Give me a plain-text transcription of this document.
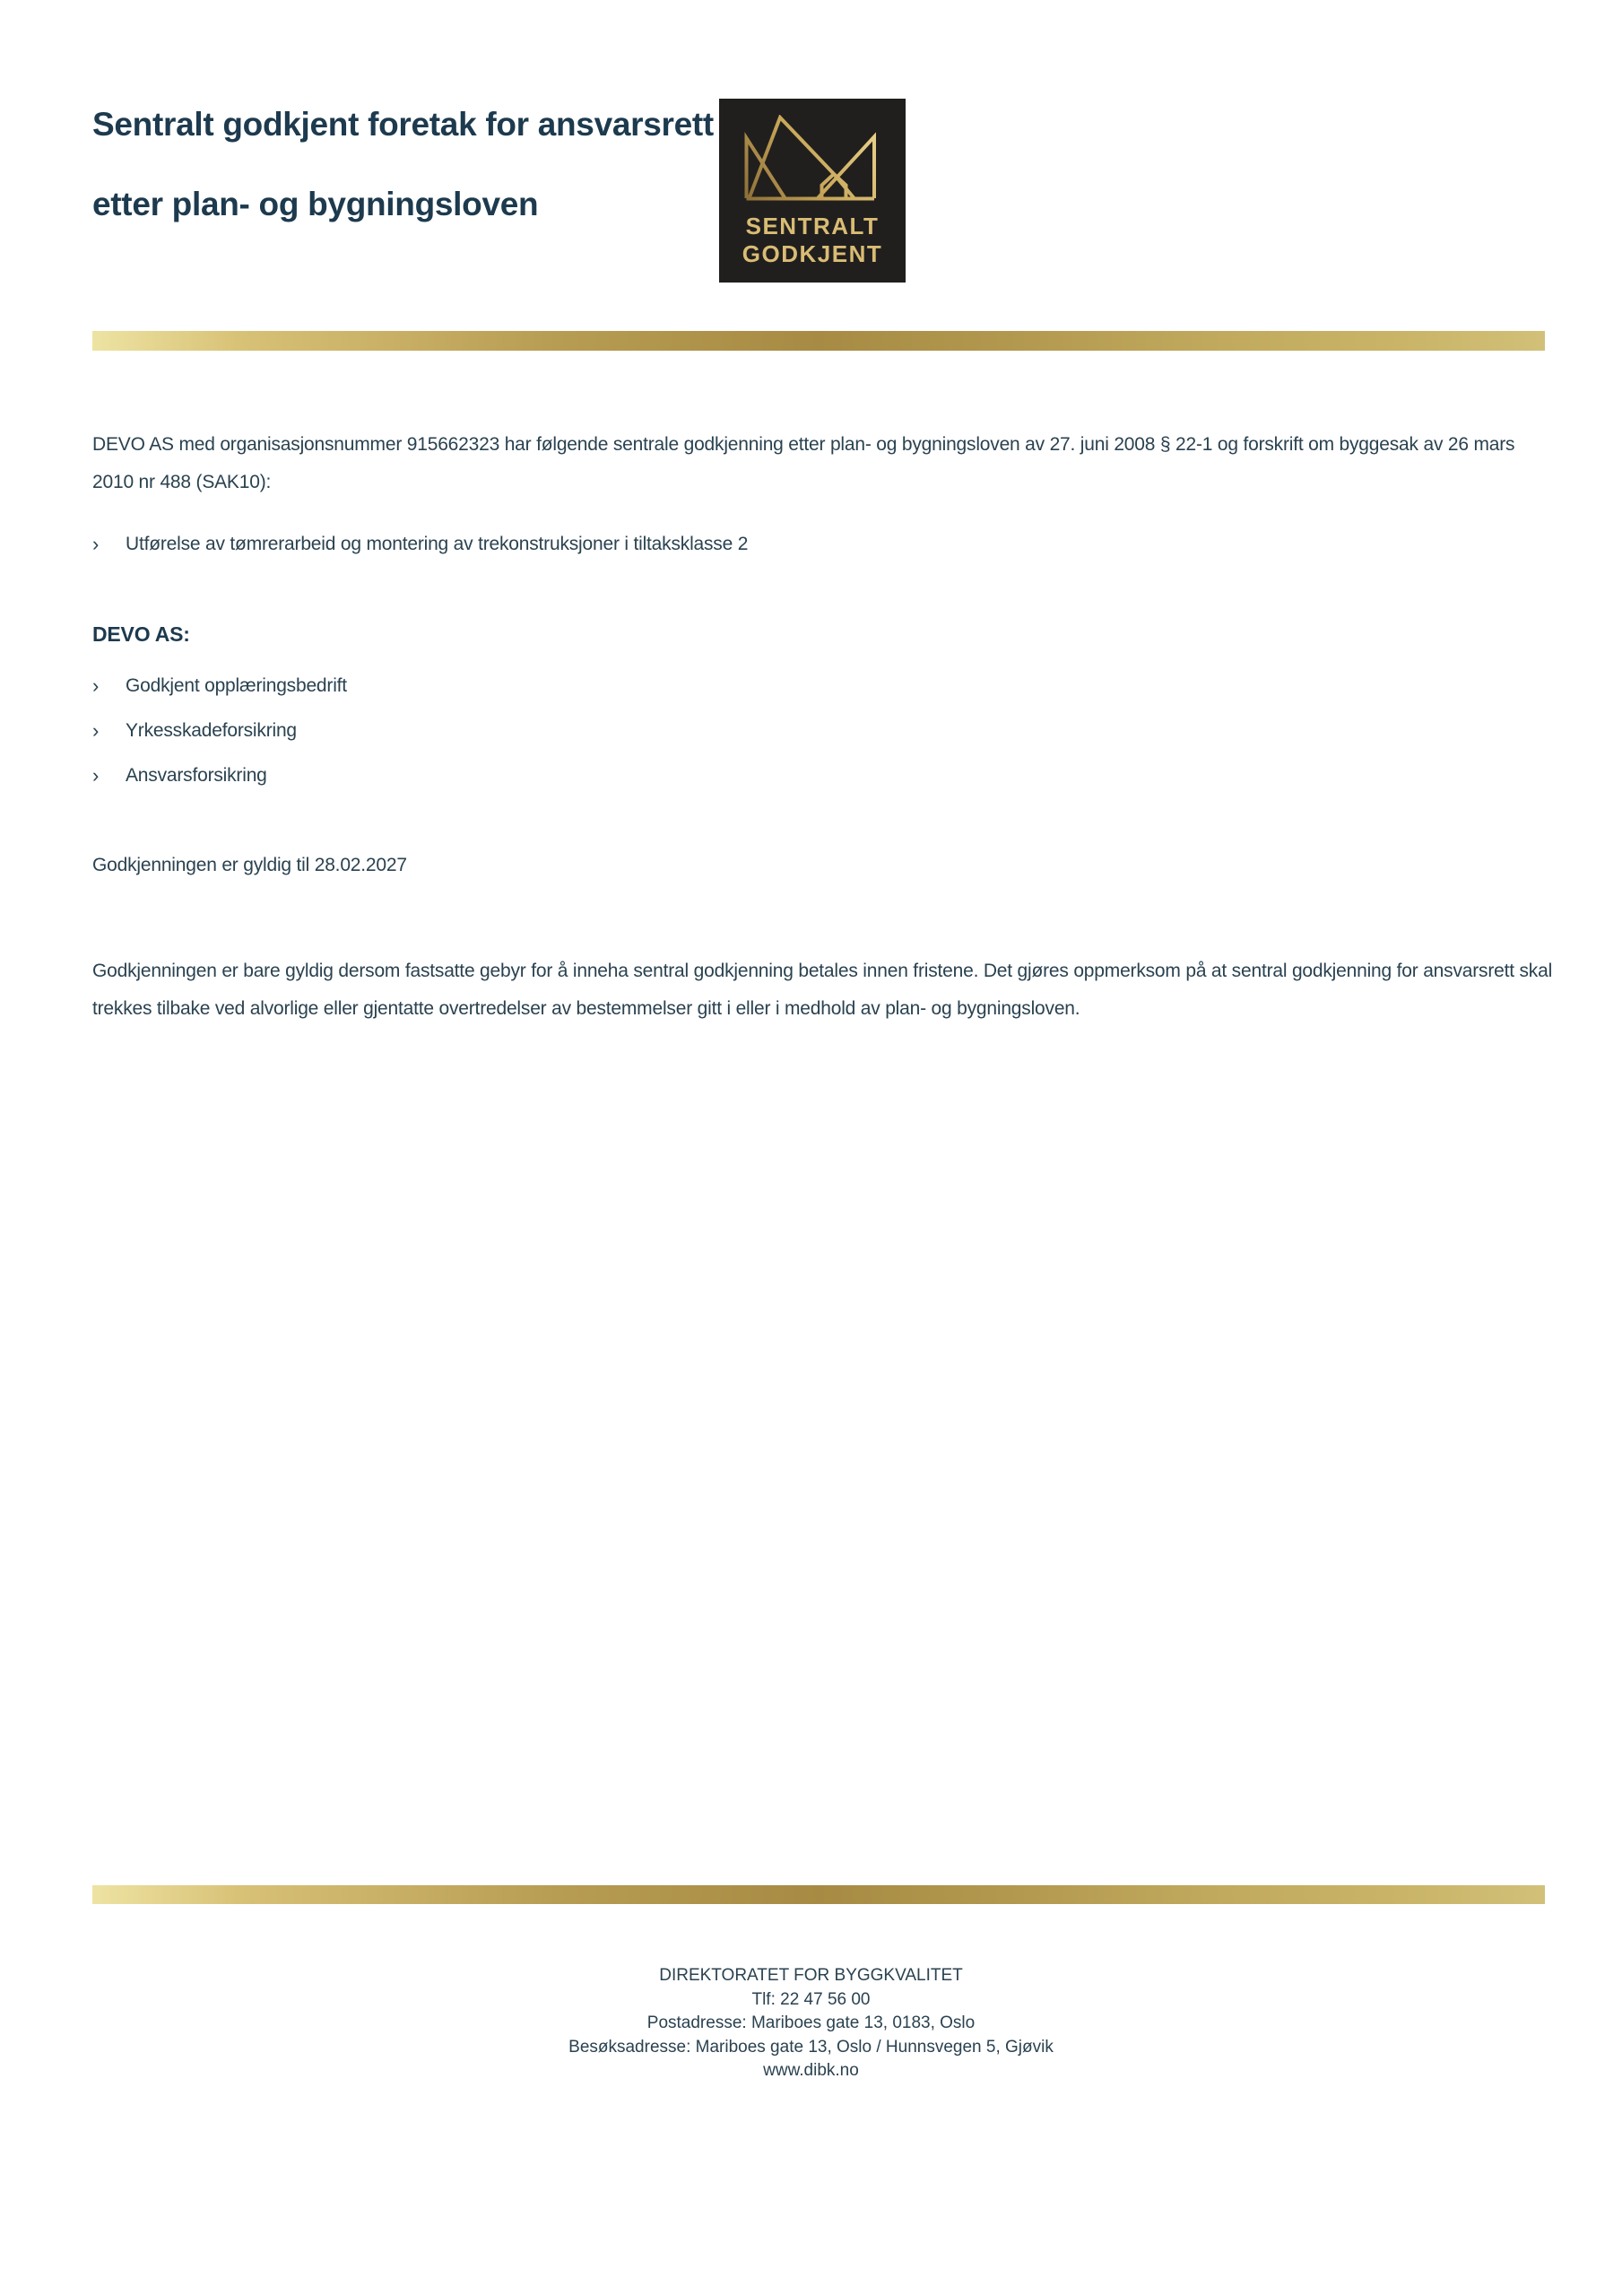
Sentralt godkjent foretak for ansvarsrett
etter plan- og bygningsloven
SENTRALT
GODKJENT

DEVO AS med organisasjonsnummer 915662323 har følgende sentrale godkjenning etter plan- og bygningsloven av 27. juni 2008 § 22-1 og forskrift om byggesak av 26 mars 2010 nr 488 (SAK10):

›	Utførelse av tømrerarbeid og montering av trekonstruksjoner i tiltaksklasse 2
DEVO AS:
›	Godkjent opplæringsbedrift
›	Yrkesskadeforsikring
›	Ansvarsforsikring
Godkjenningen er gyldig til 28.02.2027

Godkjenningen er bare gyldig dersom fastsatte gebyr for å inneha sentral godkjenning betales innen fristene. Det gjøres oppmerksom på at sentral godkjenning for ansvarsrett skal trekkes tilbake ved alvorlige eller gjentatte overtredelser av bestemmelser gitt i eller i medhold av plan- og bygningsloven.

DIREKTORATET FOR BYGGKVALITET
Tlf: 22 47 56 00
Postadresse: Mariboes gate 13, 0183, Oslo
Besøksadresse: Mariboes gate 13, Oslo / Hunnsvegen 5, Gjøvik
www.dibk.no
